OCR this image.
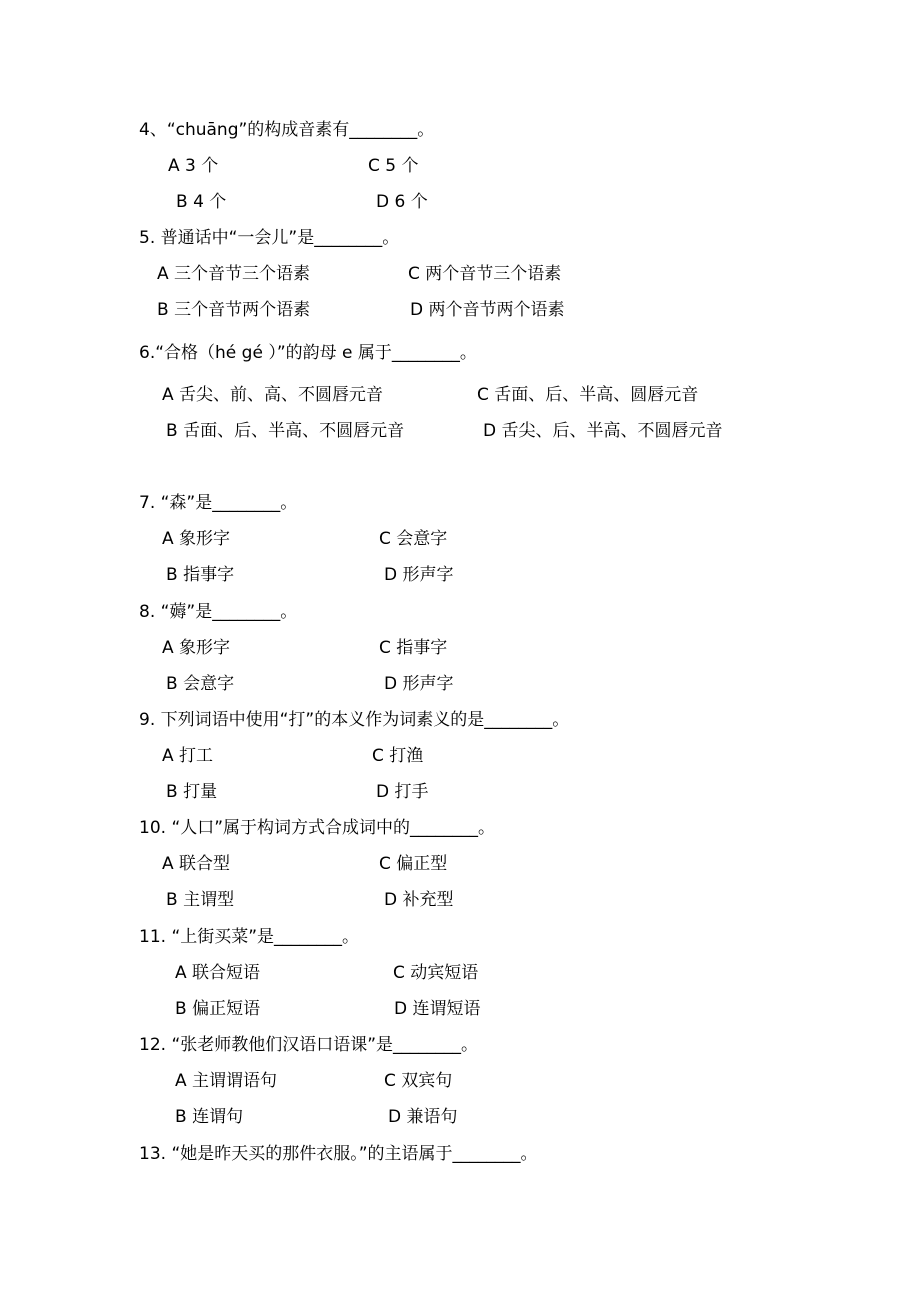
4、“chuāng”的构成音素有________。
A 3 个	C 5 个
B 4 个	D 6 个
5. 普通话中“一会儿”是________。
A 三个音节三个语素	C 两个音节三个语素
B 三个音节两个语素	D 两个音节两个语素
6.“合格（hé gé ）”的韵母 e 属于________。
A 舌尖、前、高、不圆唇元音	C 舌面、后、半高、圆唇元音
B 舌面、后、半高、不圆唇元音	D 舌尖、后、半高、不圆唇元音
7. “森”是________。
A 象形字	C 会意字
B 指事字	D 形声字
8. “薅”是________。
A 象形字	C 指事字
B 会意字	D 形声字
9. 下列词语中使用“打”的本义作为词素义的是________。
A 打工	C 打渔
B 打量	D 打手
10. “人口”属于构词方式合成词中的________。
A 联合型	C 偏正型
B 主谓型	D 补充型
11. “上街买菜”是________。
A 联合短语	C 动宾短语
B 偏正短语	D 连谓短语
12. “张老师教他们汉语口语课”是________。
A 主谓谓语句	C 双宾句
B 连谓句	D 兼语句
13. “她是昨天买的那件衣服。”的主语属于________。
